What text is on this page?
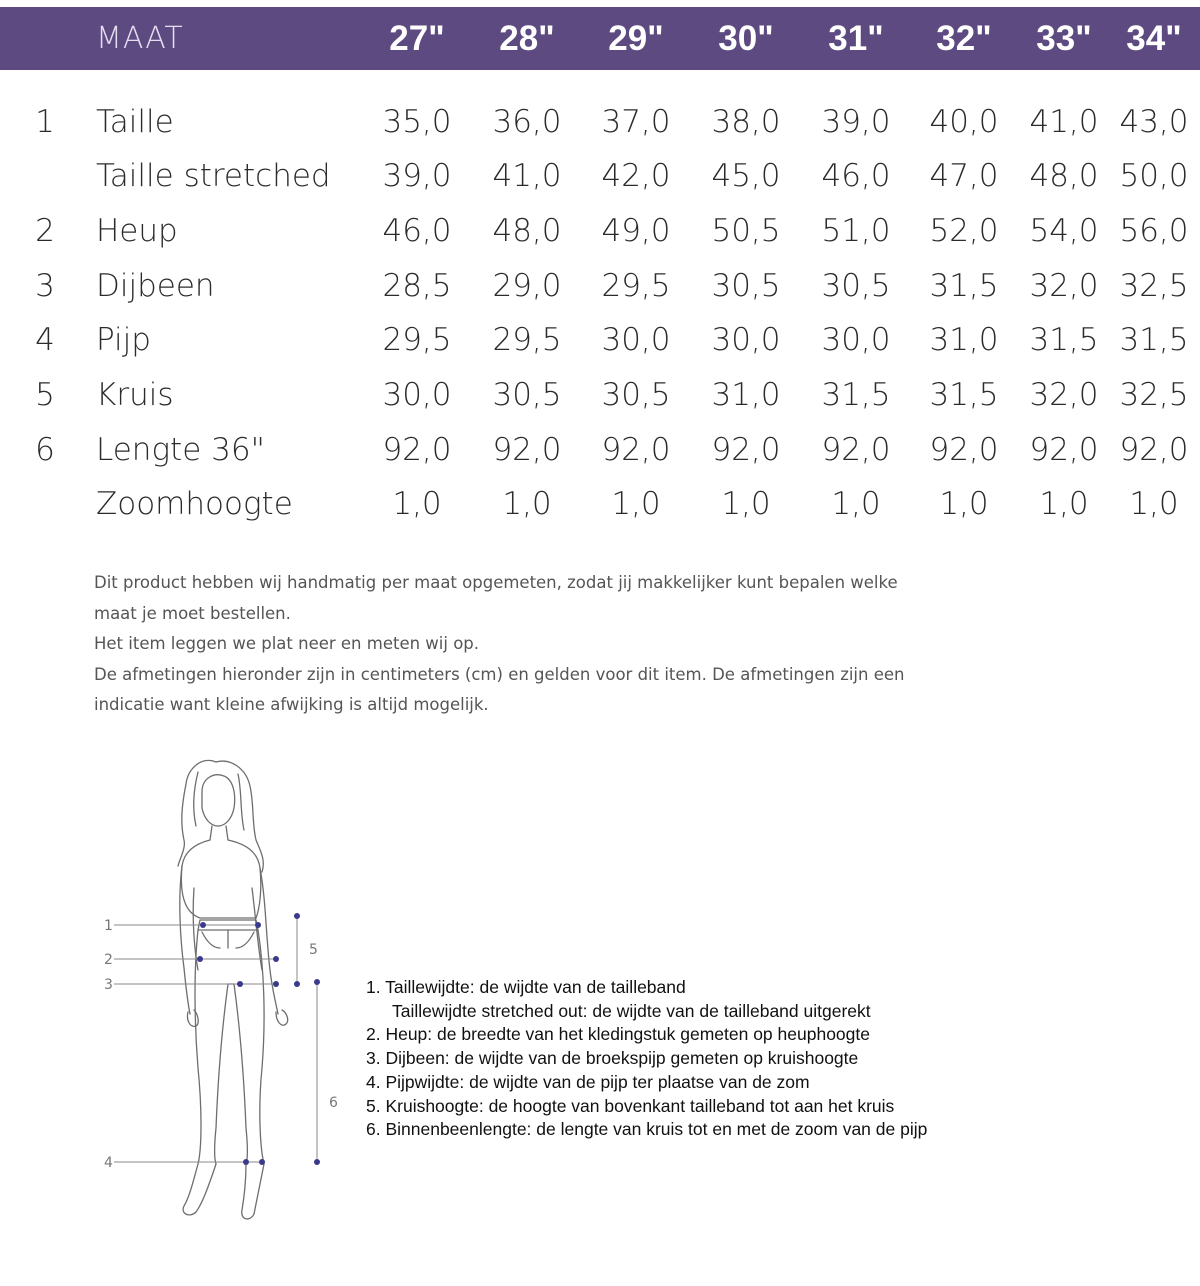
MAAT	27"	28"	29"	30"	31"	32"	33" 34"
1 Taille	35,0	36,0	37,0	38,0	39,0	40,0 41,0 43,0
Taille stretched	39,0	41,0	42,0	45,0	46,0	47,0 48,0 50,0
2 Heup	46,0	48,0	49,0	50,5	51,0	52,0 54,0 56,0
3 Dijbeen	28,5	29,0	29,5	30,5	30,5	31,5 32,0 32,5
4 Pijp	29,5	29,5	30,0	30,0	30,0	31,0 31,5 31,5
5 Kruis	30,0	30,5	30,5	31,0	31,5	31,5 32,0 32,5
6 Lengte 36"	92,0	92,0	92,0	92,0	92,0	92,0 92,0 92,0
Zoomhoogte	1,0	1,0	1,0	1,0	1,0	1,0	1,0	1,0

Dit product hebben wij handmatig per maat opgemeten, zodat jij makkelijker kunt bepalen welke

maat je moet bestellen.

Het item leggen we plat neer en meten wij op.

De afmetingen hieronder zijn in centimeters (cm) en gelden voor dit item. De afmetingen zijn een

indicatie want kleine afwijking is altijd mogelijk.

1
2
3
4
5
6
1. Taillewijdte: de wijdte van de tailleband
Taillewijdte stretched out: de wijdte van de tailleband uitgerekt
2. Heup: de breedte van het kledingstuk gemeten op heuphoogte
3. Dijbeen: de wijdte van de broekspijp gemeten op kruishoogte
4. Pijpwijdte: de wijdte van de pijp ter plaatse van de zom
5. Kruishoogte: de hoogte van bovenkant tailleband tot aan het kruis
6. Binnenbeenlengte: de lengte van kruis tot en met de zoom van de pijp
